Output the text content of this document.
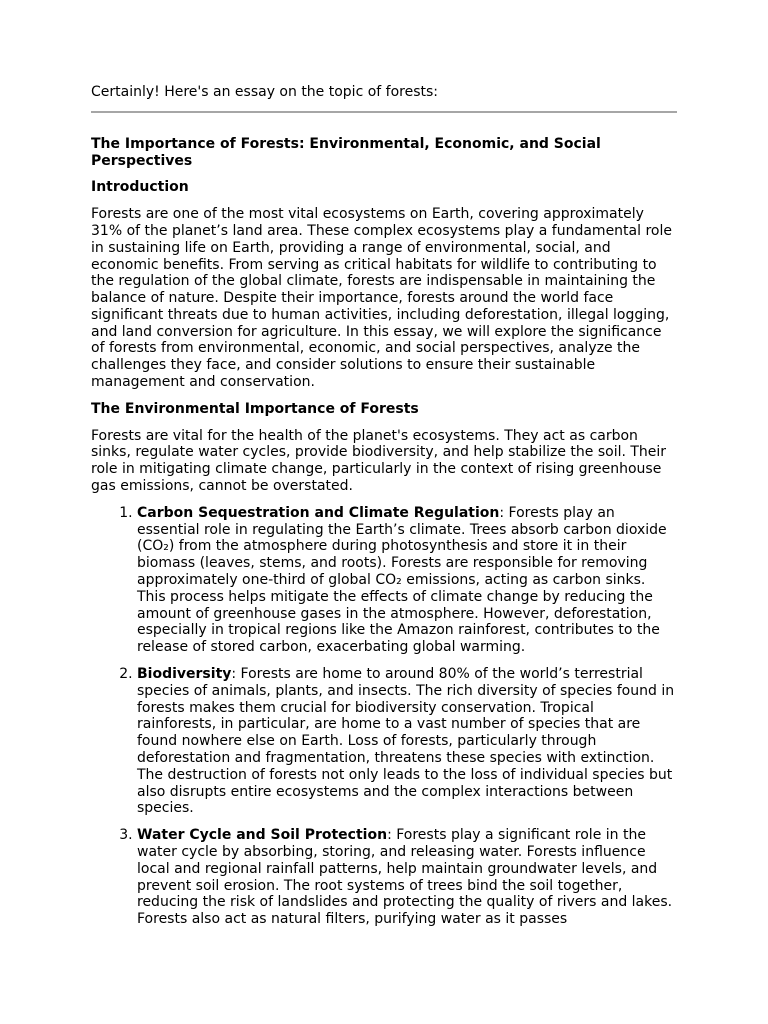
Certainly! Here's an essay on the topic of forests:

The Importance of Forests: Environmental, Economic, and Social Perspectives
Introduction

Forests are one of the most vital ecosystems on Earth, covering approximately 31% of the planet’s land area. These complex ecosystems play a fundamental role in sustaining life on Earth, providing a range of environmental, social, and economic benefits. From serving as critical habitats for wildlife to contributing to the regulation of the global climate, forests are indispensable in maintaining the balance of nature. Despite their importance, forests around the world face significant threats due to human activities, including deforestation, illegal logging, and land conversion for agriculture. In this essay, we will explore the significance of forests from environmental, economic, and social perspectives, analyze the challenges they face, and consider solutions to ensure their sustainable management and conservation.

The Environmental Importance of Forests

Forests are vital for the health of the planet's ecosystems. They act as carbon sinks, regulate water cycles, provide biodiversity, and help stabilize the soil. Their role in mitigating climate change, particularly in the context of rising greenhouse gas emissions, cannot be overstated.

1. Carbon Sequestration and Climate Regulation: Forests play an essential role in regulating the Earth’s climate. Trees absorb carbon dioxide (CO₂) from the atmosphere during photosynthesis and store it in their biomass (leaves, stems, and roots). Forests are responsible for removing approximately one-third of global CO₂ emissions, acting as carbon sinks. This process helps mitigate the effects of climate change by reducing the amount of greenhouse gases in the atmosphere. However, deforestation, especially in tropical regions like the Amazon rainforest, contributes to the release of stored carbon, exacerbating global warming.
2. Biodiversity: Forests are home to around 80% of the world’s terrestrial species of animals, plants, and insects. The rich diversity of species found in forests makes them crucial for biodiversity conservation. Tropical rainforests, in particular, are home to a vast number of species that are found nowhere else on Earth. Loss of forests, particularly through deforestation and fragmentation, threatens these species with extinction. The destruction of forests not only leads to the loss of individual species but also disrupts entire ecosystems and the complex interactions between species.
3. Water Cycle and Soil Protection: Forests play a significant role in the water cycle by absorbing, storing, and releasing water. Forests influence local and regional rainfall patterns, help maintain groundwater levels, and prevent soil erosion. The root systems of trees bind the soil together, reducing the risk of landslides and protecting the quality of rivers and lakes. Forests also act as natural filters, purifying water as it passes
